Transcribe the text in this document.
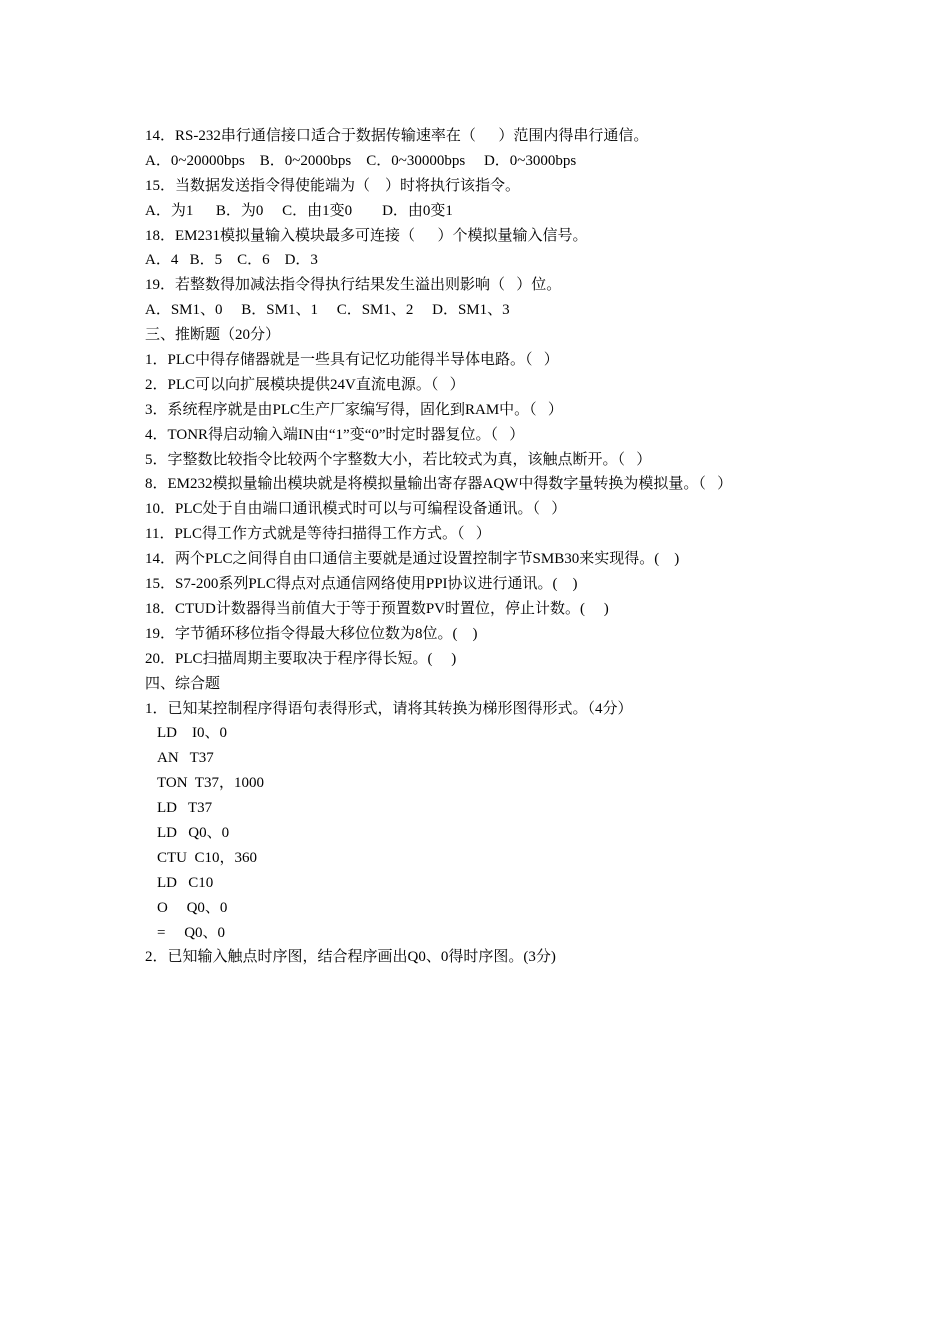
14．RS-232串行通信接口适合于数据传输速率在（      ）范围内得串行通信。
A．0~20000bps    B．0~2000bps    C．0~30000bps     D．0~3000bps
15．当数据发送指令得使能端为（    ）时将执行该指令。
A．为1      B．为0     C．由1变0        D．由0变1
18．EM231模拟量输入模块最多可连接（      ）个模拟量输入信号。
A．4   B．5    C．6    D．3
19．若整数得加减法指令得执行结果发生溢出则影响（   ）位。
A．SM1、0     B．SM1、1     C．SM1、2     D．SM1、3
三、推断题（20分）
1．PLC中得存储器就是一些具有记忆功能得半导体电路。（   ）
2．PLC可以向扩展模块提供24V直流电源。（   ）
3．系统程序就是由PLC生产厂家编写得，固化到RAM中。（   ）
4．TONR得启动输入端IN由“1”变“0”时定时器复位。（   ）
5．字整数比较指令比较两个字整数大小，若比较式为真，该触点断开。（   ）
8．EM232模拟量输出模块就是将模拟量输出寄存器AQW中得数字量转换为模拟量。（   ）
10．PLC处于自由端口通讯模式时可以与可编程设备通讯。（   ）
11．PLC得工作方式就是等待扫描得工作方式。（   ）
14．两个PLC之间得自由口通信主要就是通过设置控制字节SMB30来实现得。(    )
15．S7-200系列PLC得点对点通信网络使用PPI协议进行通讯。(    )
18．CTUD计数器得当前值大于等于预置数PV时置位，停止计数。(     )
19．字节循环移位指令得最大移位位数为8位。(    )
20．PLC扫描周期主要取决于程序得长短。(     )
四、综合题
1．已知某控制程序得语句表得形式，请将其转换为梯形图得形式。（4分）
LD    I0、0
AN   T37
TON  T37，1000
LD   T37
LD   Q0、0
CTU  C10，360
LD   C10
O     Q0、0
=     Q0、0
2．已知输入触点时序图，结合程序画出Q0、0得时序图。(3分)
